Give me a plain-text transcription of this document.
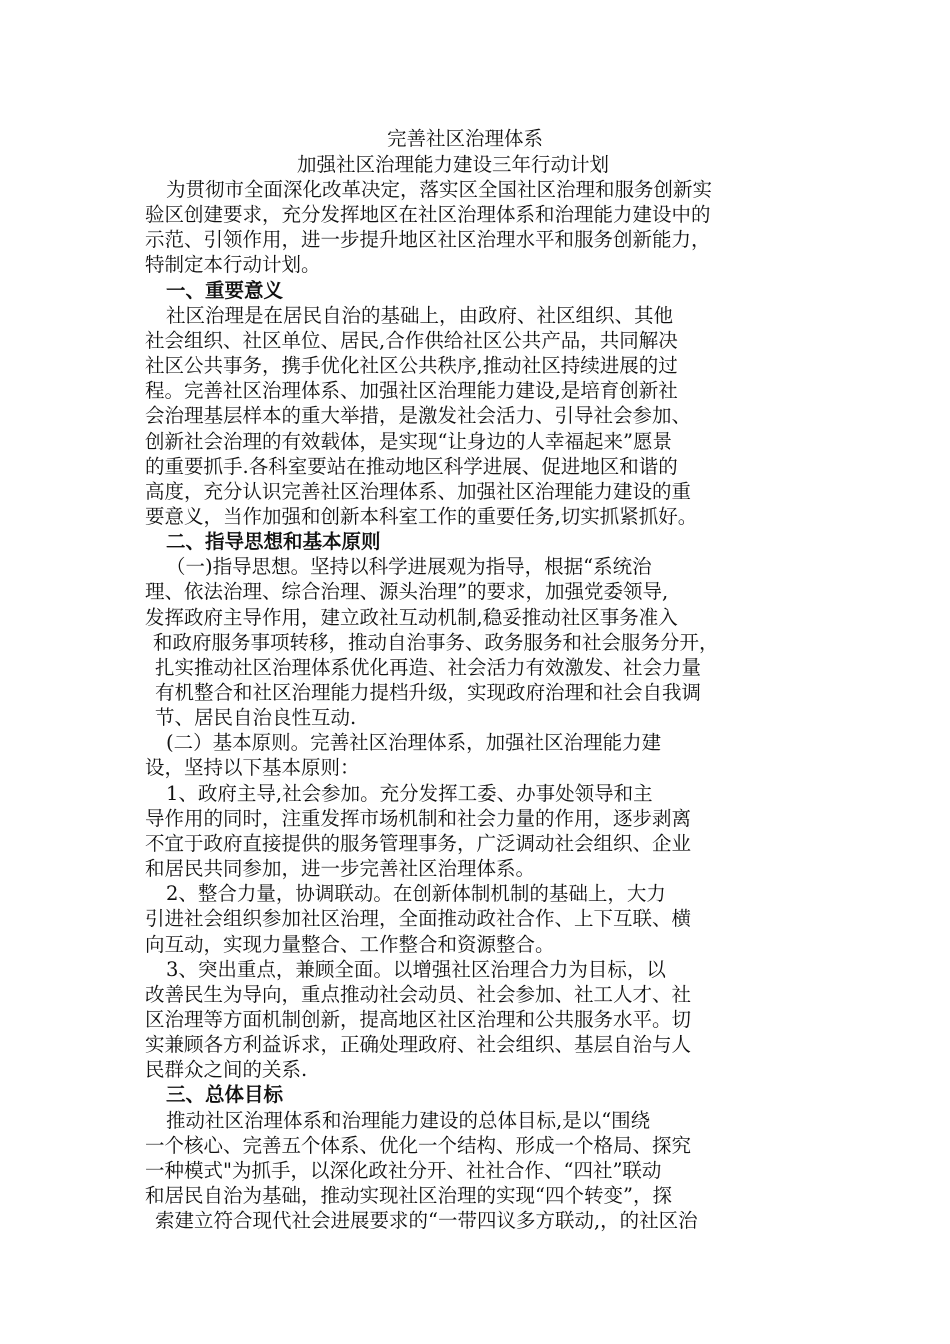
完善社区治理体系
加强社区治理能力建设三年行动计划
为贯彻市全面深化改革决定，落实区全国社区治理和服务创新实
验区创建要求，充分发挥地区在社区治理体系和治理能力建设中的
示范、引领作用，进一步提升地区社区治理水平和服务创新能力，
特制定本行动计划。
一、重要意义
社区治理是在居民自治的基础上，由政府、社区组织、其他
社会组织、社区单位、居民,合作供给社区公共产品，共同解决
社区公共事务，携手优化社区公共秩序,推动社区持续进展的过
程。完善社区治理体系、加强社区治理能力建设,是培育创新社
会治理基层样本的重大举措，是激发社会活力、引导社会参加、
创新社会治理的有效载体，是实现“让身边的人幸福起来”愿景
的重要抓手.各科室要站在推动地区科学进展、促进地区和谐的
高度，充分认识完善社区治理体系、加强社区治理能力建设的重
要意义，当作加强和创新本科室工作的重要任务,切实抓紧抓好。
二、指导思想和基本原则
（一)指导思想。坚持以科学进展观为指导，根据“系统治
理、依法治理、综合治理、源头治理”的要求，加强党委领导,
发挥政府主导作用，建立政社互动机制,稳妥推动社区事务准入
和政府服务事项转移，推动自治事务、政务服务和社会服务分开，
扎实推动社区治理体系优化再造、社会活力有效激发、社会力量
有机整合和社区治理能力提档升级，实现政府治理和社会自我调
节、居民自治良性互动.
(二）基本原则。完善社区治理体系，加强社区治理能力建
设，坚持以下基本原则：
1、政府主导,社会参加。充分发挥工委、办事处领导和主
导作用的同时，注重发挥市场机制和社会力量的作用，逐步剥离
不宜于政府直接提供的服务管理事务，广泛调动社会组织、企业
和居民共同参加，进一步完善社区治理体系。
2、整合力量，协调联动。在创新体制机制的基础上，大力
引进社会组织参加社区治理，全面推动政社合作、上下互联、横
向互动，实现力量整合、工作整合和资源整合。
3、突出重点，兼顾全面。以增强社区治理合力为目标，以
改善民生为导向，重点推动社会动员、社会参加、社工人才、社
区治理等方面机制创新，提高地区社区治理和公共服务水平。切
实兼顾各方利益诉求，正确处理政府、社会组织、基层自治与人
民群众之间的关系.
三、总体目标
推动社区治理体系和治理能力建设的总体目标,是以“围绕
一个核心、完善五个体系、优化一个结构、形成一个格局、探究
一种模式"为抓手，以深化政社分开、社社合作、“四社”联动
和居民自治为基础，推动实现社区治理的实现“四个转变”，探
索建立符合现代社会进展要求的“一带四议多方联动,，的社区治
